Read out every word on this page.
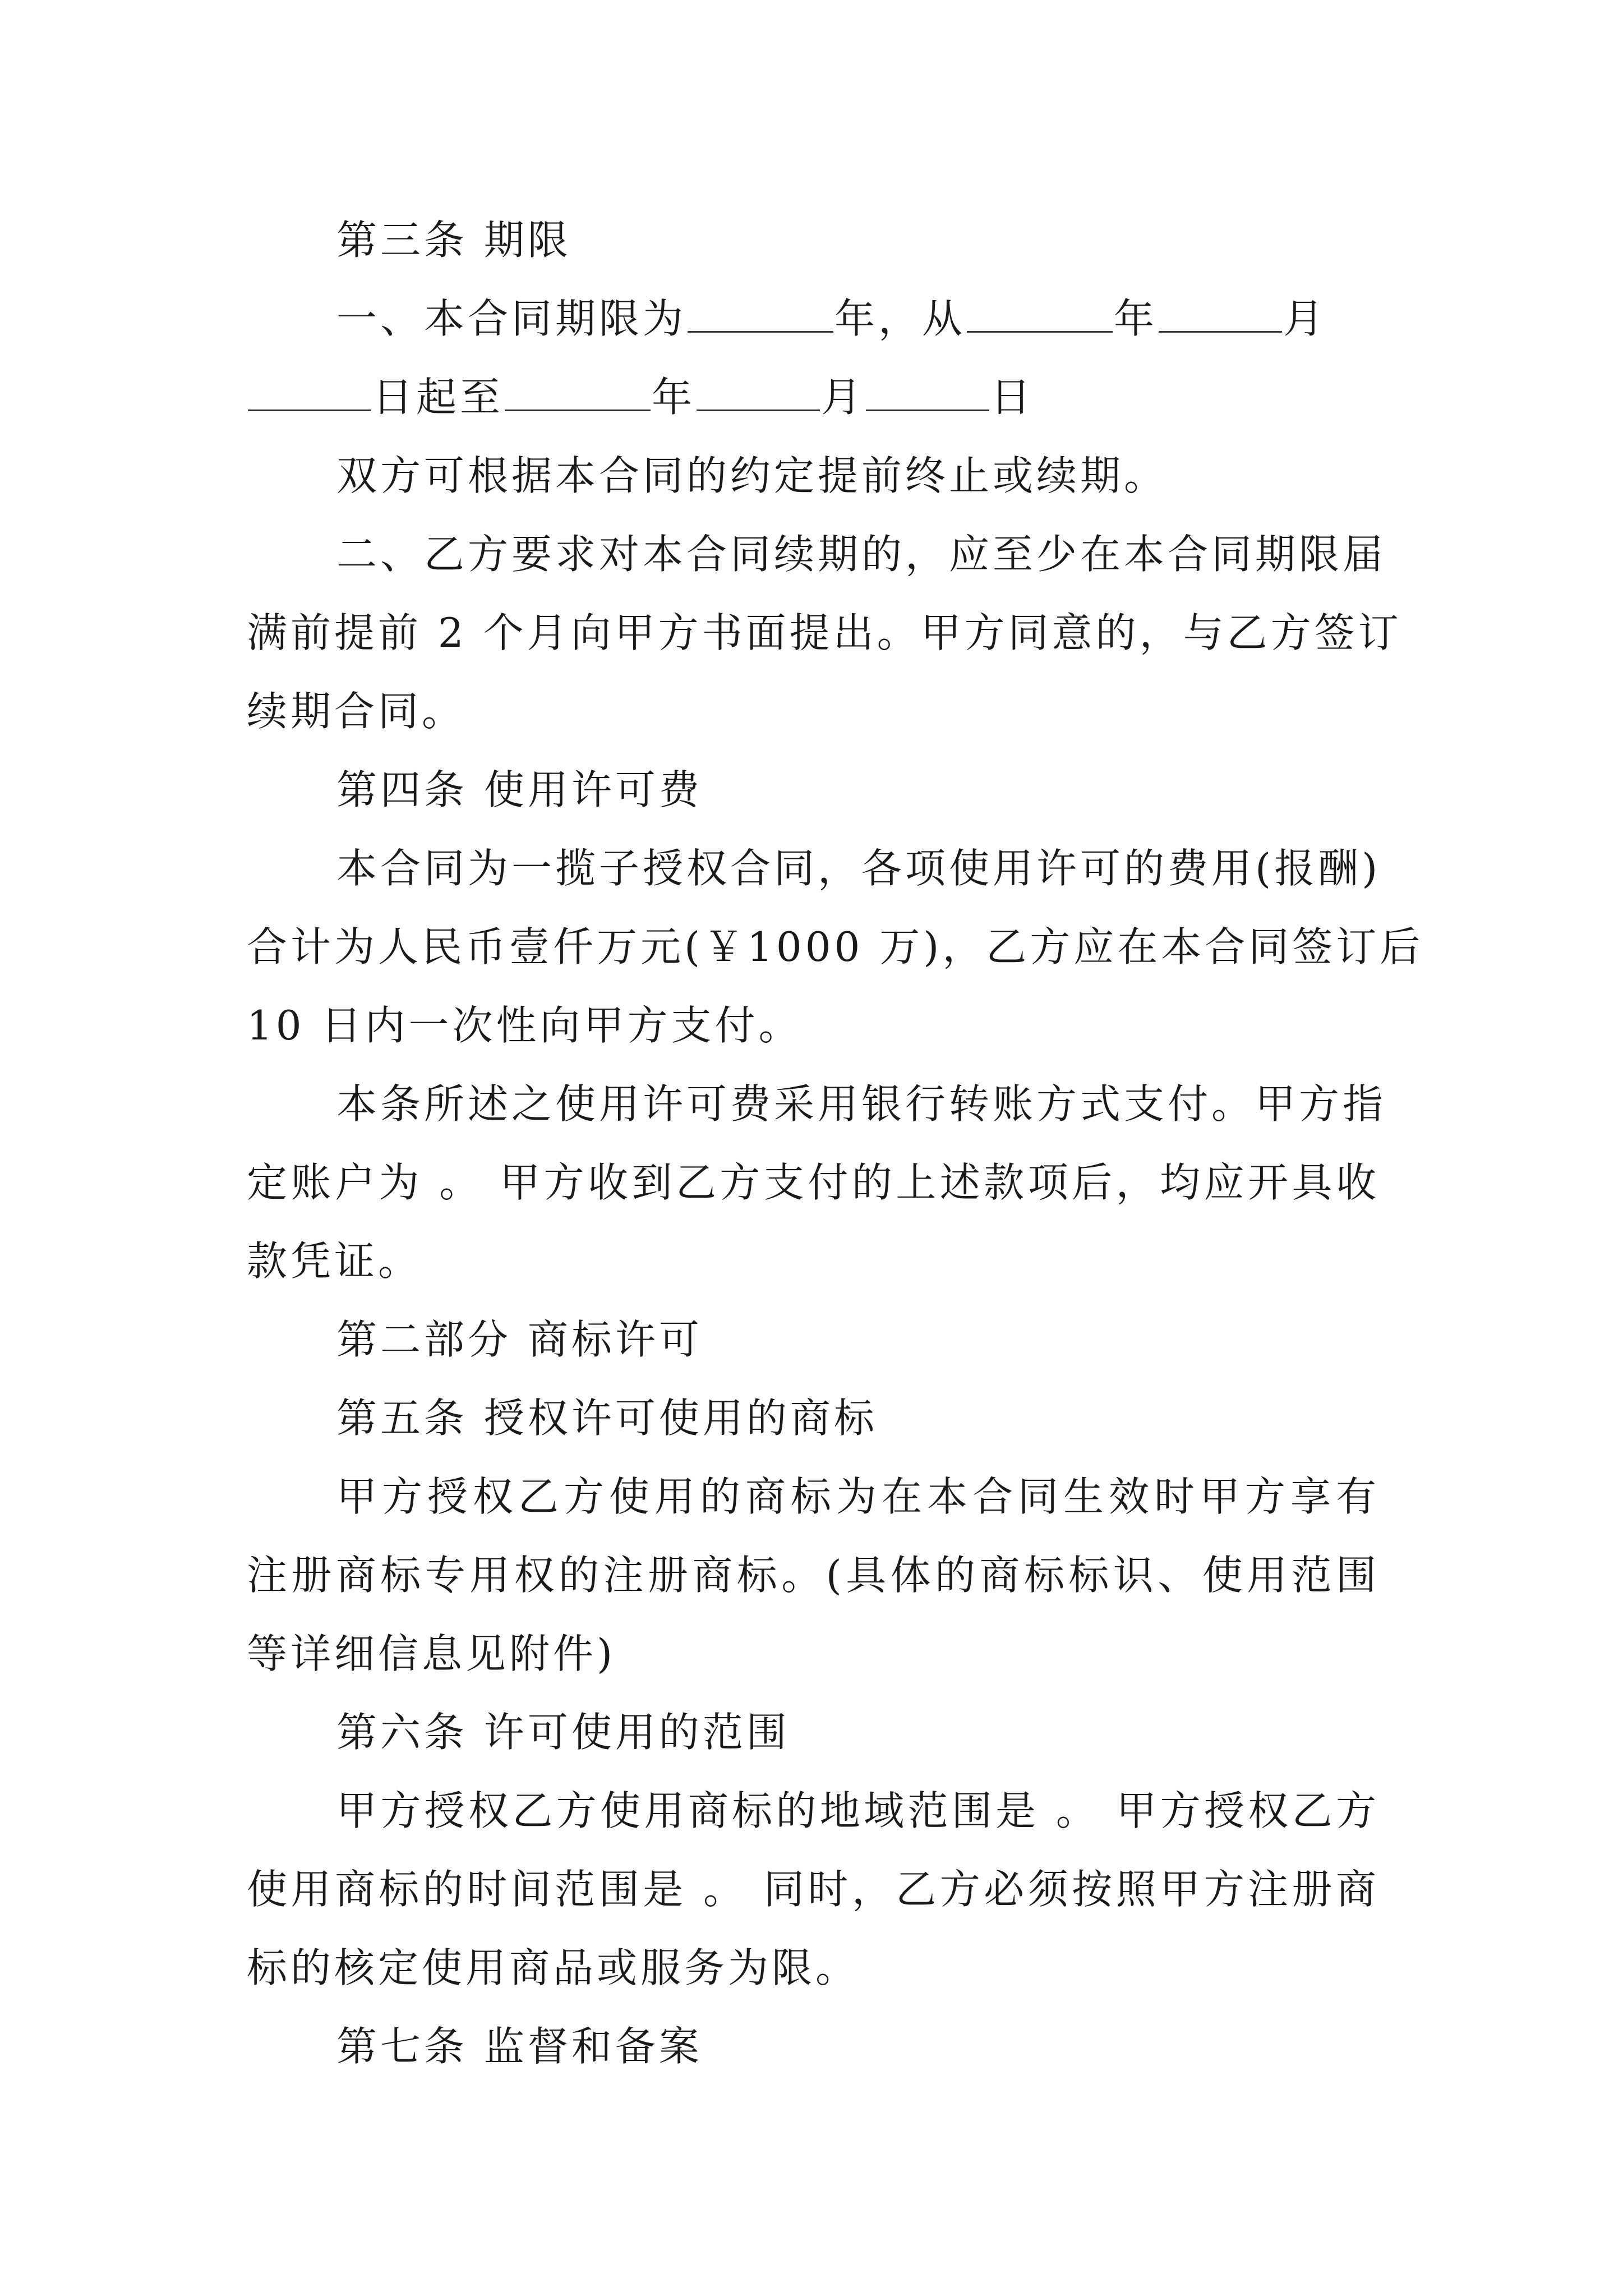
第三条 期限
一、本合同期限为	年，从	年	月
日起至	年	月	日
双方可根据本合同的约定提前终止或续期。
二、乙方要求对本合同续期的，应至少在本合同期限届
满前提前 2 个月向甲方书面提出。甲方同意的，与乙方签订
续期合同。
第四条 使用许可费
本合同为一揽子授权合同，各项使用许可的费用(报酬)
合计为人民币壹仟万元(￥1000 万)，乙方应在本合同签订后
10 日内一次性向甲方支付。
本条所述之使用许可费采用银行转账方式支付。甲方指
定账户为 。 甲方收到乙方支付的上述款项后，均应开具收
款凭证。
第二部分 商标许可
第五条 授权许可使用的商标
甲方授权乙方使用的商标为在本合同生效时甲方享有
注册商标专用权的注册商标。(具体的商标标识、使用范围
等详细信息见附件)
第六条 许可使用的范围
甲方授权乙方使用商标的地域范围是 。 甲方授权乙方
使用商标的时间范围是 。 同时，乙方必须按照甲方注册商
标的核定使用商品或服务为限。
第七条 监督和备案
